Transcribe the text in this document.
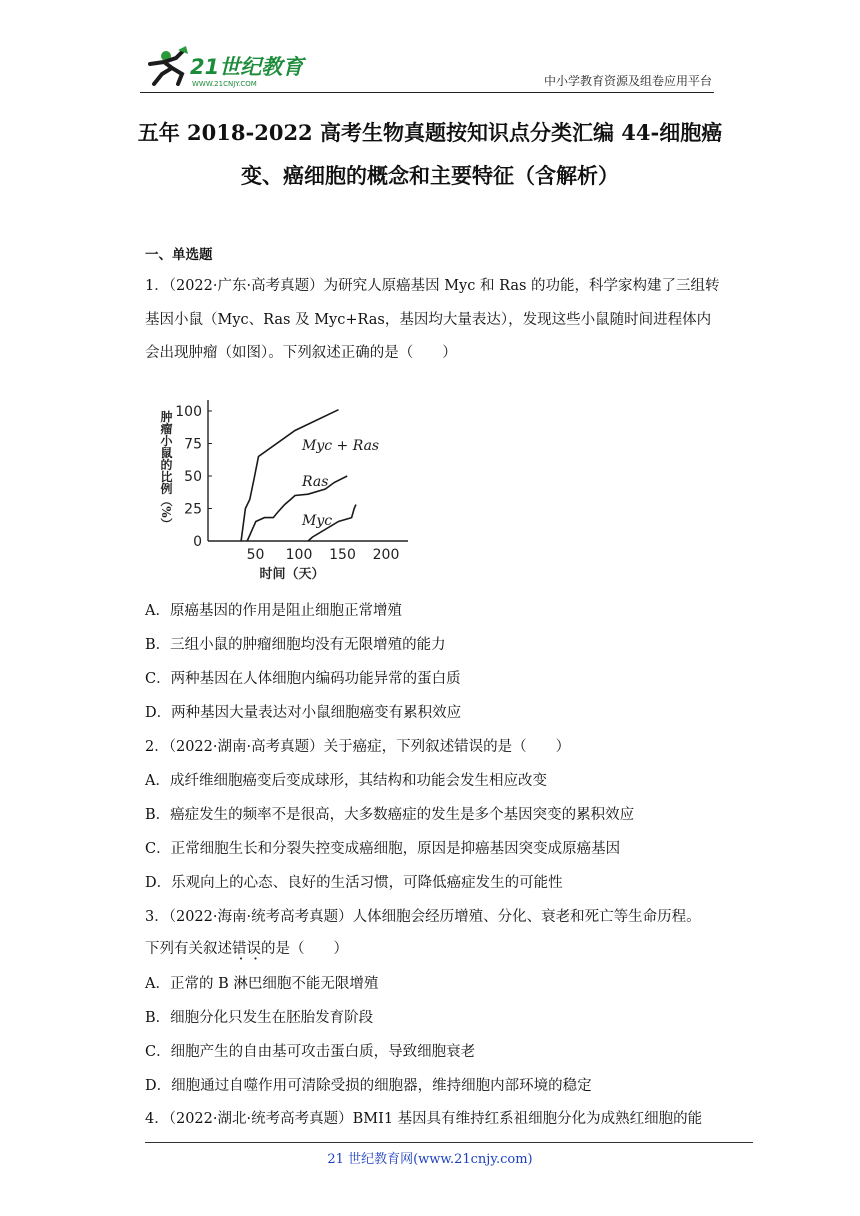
21世纪教育
WWW.21CNJY.COM	中小学教育资源及组卷应用平台
五年 2018-2022 高考生物真题按知识点分类汇编 44-细胞癌
变、癌细胞的概念和主要特征（含解析）
一、单选题
1．（2022·广东·高考真题）为研究人原癌基因 Myc 和 Ras 的功能，科学家构建了三组转
基因小鼠（Myc、Ras 及 Myc+Ras，基因均大量表达），发现这些小鼠随时间进程体内
会出现肿瘤（如图）。下列叙述正确的是（　　）
0
25
50
75
100
50 100 150 200
时间（天）
肿瘤小鼠的比例（%）	Myc + Ras
Ras
Myc
A．原癌基因的作用是阻止细胞正常增殖
B．三组小鼠的肿瘤细胞均没有无限增殖的能力
C．两种基因在人体细胞内编码功能异常的蛋白质
D．两种基因大量表达对小鼠细胞癌变有累积效应
2．（2022·湖南·高考真题）关于癌症，下列叙述错误的是（　　）
A．成纤维细胞癌变后变成球形，其结构和功能会发生相应改变
B．癌症发生的频率不是很高，大多数癌症的发生是多个基因突变的累积效应
C．正常细胞生长和分裂失控变成癌细胞，原因是抑癌基因突变成原癌基因
D．乐观向上的心态、良好的生活习惯，可降低癌症发生的可能性
3．（2022·海南·统考高考真题）人体细胞会经历增殖、分化、衰老和死亡等生命历程。
下列有关叙述错误的是（　　）
A．正常的 B 淋巴细胞不能无限增殖
B．细胞分化只发生在胚胎发育阶段
C．细胞产生的自由基可攻击蛋白质，导致细胞衰老
D．细胞通过自噬作用可清除受损的细胞器，维持细胞内部环境的稳定
4．（2022·湖北·统考高考真题）BMI1 基因具有维持红系祖细胞分化为成熟红细胞的能
21 世纪教育网(www.21cnjy.com)
